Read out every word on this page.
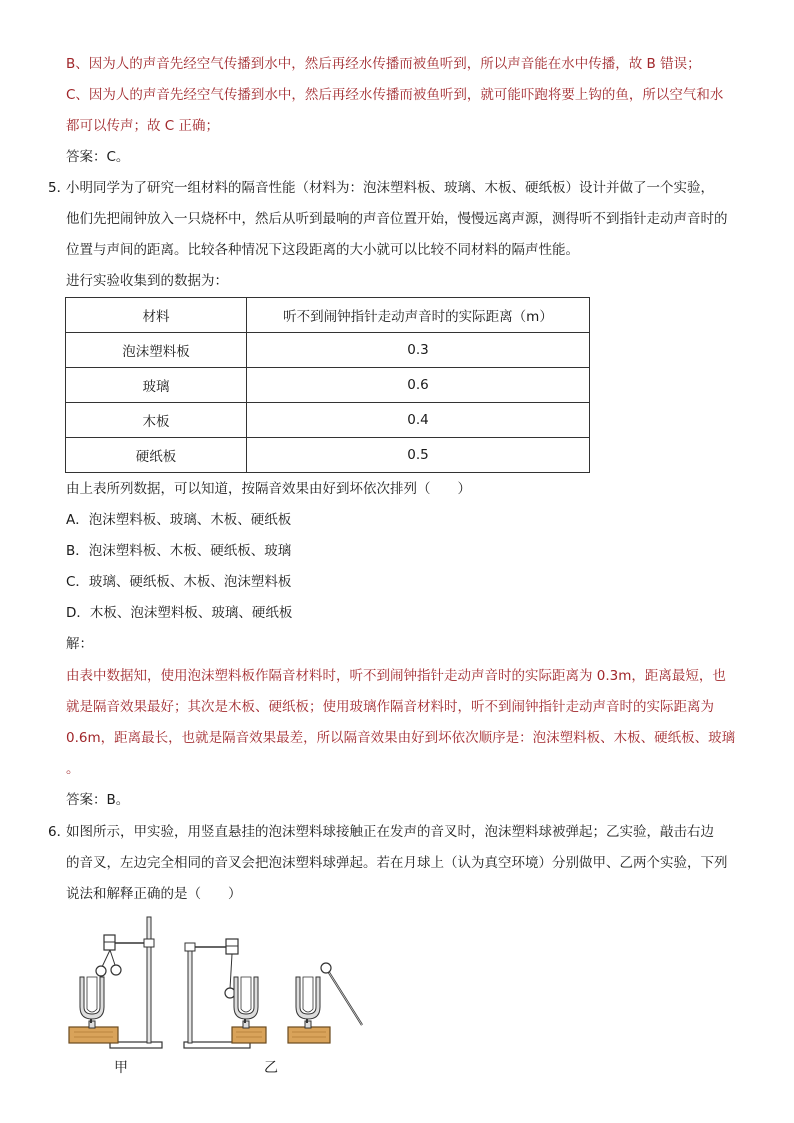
B、因为人的声音先经空气传播到水中，然后再经水传播而被鱼听到，所以声音能在水中传播，故 B 错误；
C、因为人的声音先经空气传播到水中，然后再经水传播而被鱼听到，就可能吓跑将要上钩的鱼，所以空气和水
都可以传声；故 C 正确；
答案：C。
5．
小明同学为了研究一组材料的隔音性能（材料为：泡沫塑料板、玻璃、木板、硬纸板）设计并做了一个实验，
他们先把闹钟放入一只烧杯中，然后从听到最响的声音位置开始，慢慢远离声源，测得听不到指针走动声音时的
位置与声间的距离。比较各种情况下这段距离的大小就可以比较不同材料的隔声性能。
进行实验收集到的数据为：
材料	听不到闹钟指针走动声音时的实际距离（m）
泡沫塑料板	0.3
玻璃	0.6
木板	0.4
硬纸板	0.5
由上表所列数据，可以知道，按隔音效果由好到坏依次排列（　　）
A．泡沫塑料板、玻璃、木板、硬纸板
B．泡沫塑料板、木板、硬纸板、玻璃
C．玻璃、硬纸板、木板、泡沫塑料板
D．木板、泡沫塑料板、玻璃、硬纸板
解：
由表中数据知，使用泡沫塑料板作隔音材料时，听不到闹钟指针走动声音时的实际距离为 0.3m，距离最短，也
就是隔音效果最好；其次是木板、硬纸板；使用玻璃作隔音材料时，听不到闹钟指针走动声音时的实际距离为
0.6m，距离最长，也就是隔音效果最差，所以隔音效果由好到坏依次顺序是：泡沫塑料板、木板、硬纸板、玻璃
。
答案：B。
6．
如图所示，甲实验，用竖直悬挂的泡沫塑料球接触正在发声的音叉时，泡沫塑料球被弹起；乙实验，敲击右边
的音叉，左边完全相同的音叉会把泡沫塑料球弹起。若在月球上（认为真空环境）分别做甲、乙两个实验，下列
说法和解释正确的是（　　）
甲	乙
